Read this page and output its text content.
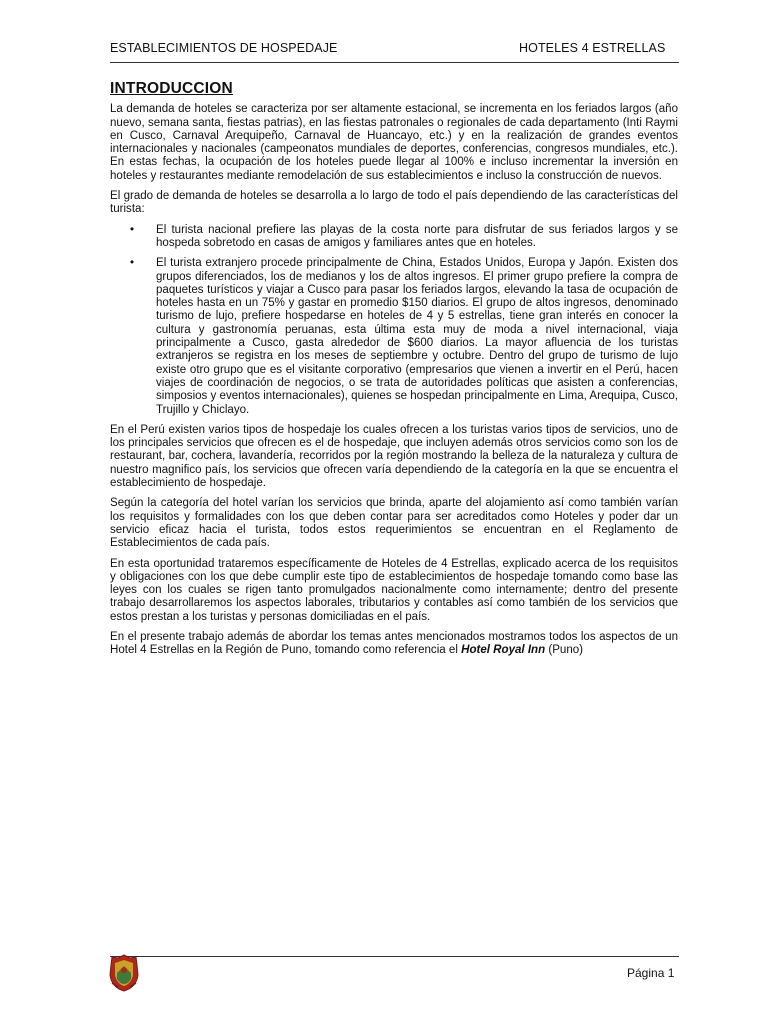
ESTABLECIMIENTOS DE HOSPEDAJE	HOTELES 4 ESTRELLAS
INTRODUCCION

La demanda de hoteles se caracteriza por ser altamente estacional, se incrementa en los feriados largos (año nuevo, semana santa, fiestas patrias), en las fiestas patronales o regionales de cada departamento (Inti Raymi en Cusco, Carnaval Arequipeño, Carnaval de Huancayo, etc.) y en la realización de grandes eventos internacionales y nacionales (campeonatos mundiales de deportes, conferencias, congresos mundiales, etc.). En estas fechas, la ocupación de los hoteles puede llegar al 100% e incluso incrementar la inversión en hoteles y restaurantes mediante remodelación de sus establecimientos e incluso la construcción de nuevos.

El grado de demanda de hoteles se desarrolla a lo largo de todo el país dependiendo de las características del turista:

• El turista nacional prefiere las playas de la costa norte para disfrutar de sus feriados largos y se hospeda sobretodo en casas de amigos y familiares antes que en hoteles.
• El turista extranjero procede principalmente de China, Estados Unidos, Europa y Japón. Existen dos grupos diferenciados, los de medianos y los de altos ingresos. El primer grupo prefiere la compra de paquetes turísticos y viajar a Cusco para pasar los feriados largos, elevando la tasa de ocupación de hoteles hasta en un 75% y gastar en promedio $150 diarios. El grupo de altos ingresos, denominado turismo de lujo, prefiere hospedarse en hoteles de 4 y 5 estrellas, tiene gran interés en conocer la cultura y gastronomía peruanas, esta última esta muy de moda a nivel internacional, viaja principalmente a Cusco, gasta alrededor de $600 diarios. La mayor afluencia de los turistas extranjeros se registra en los meses de septiembre y octubre. Dentro del grupo de turismo de lujo existe otro grupo que es el visitante corporativo (empresarios que vienen a invertir en el Perú, hacen viajes de coordinación de negocios, o se trata de autoridades políticas que asisten a conferencias, simposios y eventos internacionales), quienes se hospedan principalmente en Lima, Arequipa, Cusco, Trujillo y Chiclayo.

En el Perú existen varios tipos de hospedaje los cuales ofrecen a los turistas varios tipos de servicios, uno de los principales servicios que ofrecen es el de hospedaje, que incluyen además otros servicios como son los de restaurant, bar, cochera, lavandería, recorridos por la región mostrando la belleza de la naturaleza y cultura de nuestro magnifico país, los servicios que ofrecen varía dependiendo de la categoría en la que se encuentra el establecimiento de hospedaje.

Según la categoría del hotel varían los servicios que brinda, aparte del alojamiento así como también varían los requisitos y formalidades con los que deben contar para ser acreditados como Hoteles y poder dar un servicio eficaz hacia el turista, todos estos requerimientos se encuentran en el Reglamento de Establecimientos de cada país.

En esta oportunidad trataremos específicamente de Hoteles de 4 Estrellas, explicado acerca de los requisitos y obligaciones con los que debe cumplir este tipo de establecimientos de hospedaje tomando como base las leyes con los cuales se rigen tanto promulgados nacionalmente como internamente; dentro del presente trabajo desarrollaremos los aspectos laborales, tributarios y contables así como también de los servicios que estos prestan a los turistas y personas domiciliadas en el país.

En el presente trabajo además de abordar los temas antes mencionados mostramos todos los aspectos de un Hotel 4 Estrellas en la Región de Puno, tomando como referencia el Hotel Royal Inn (Puno)

Página 1
